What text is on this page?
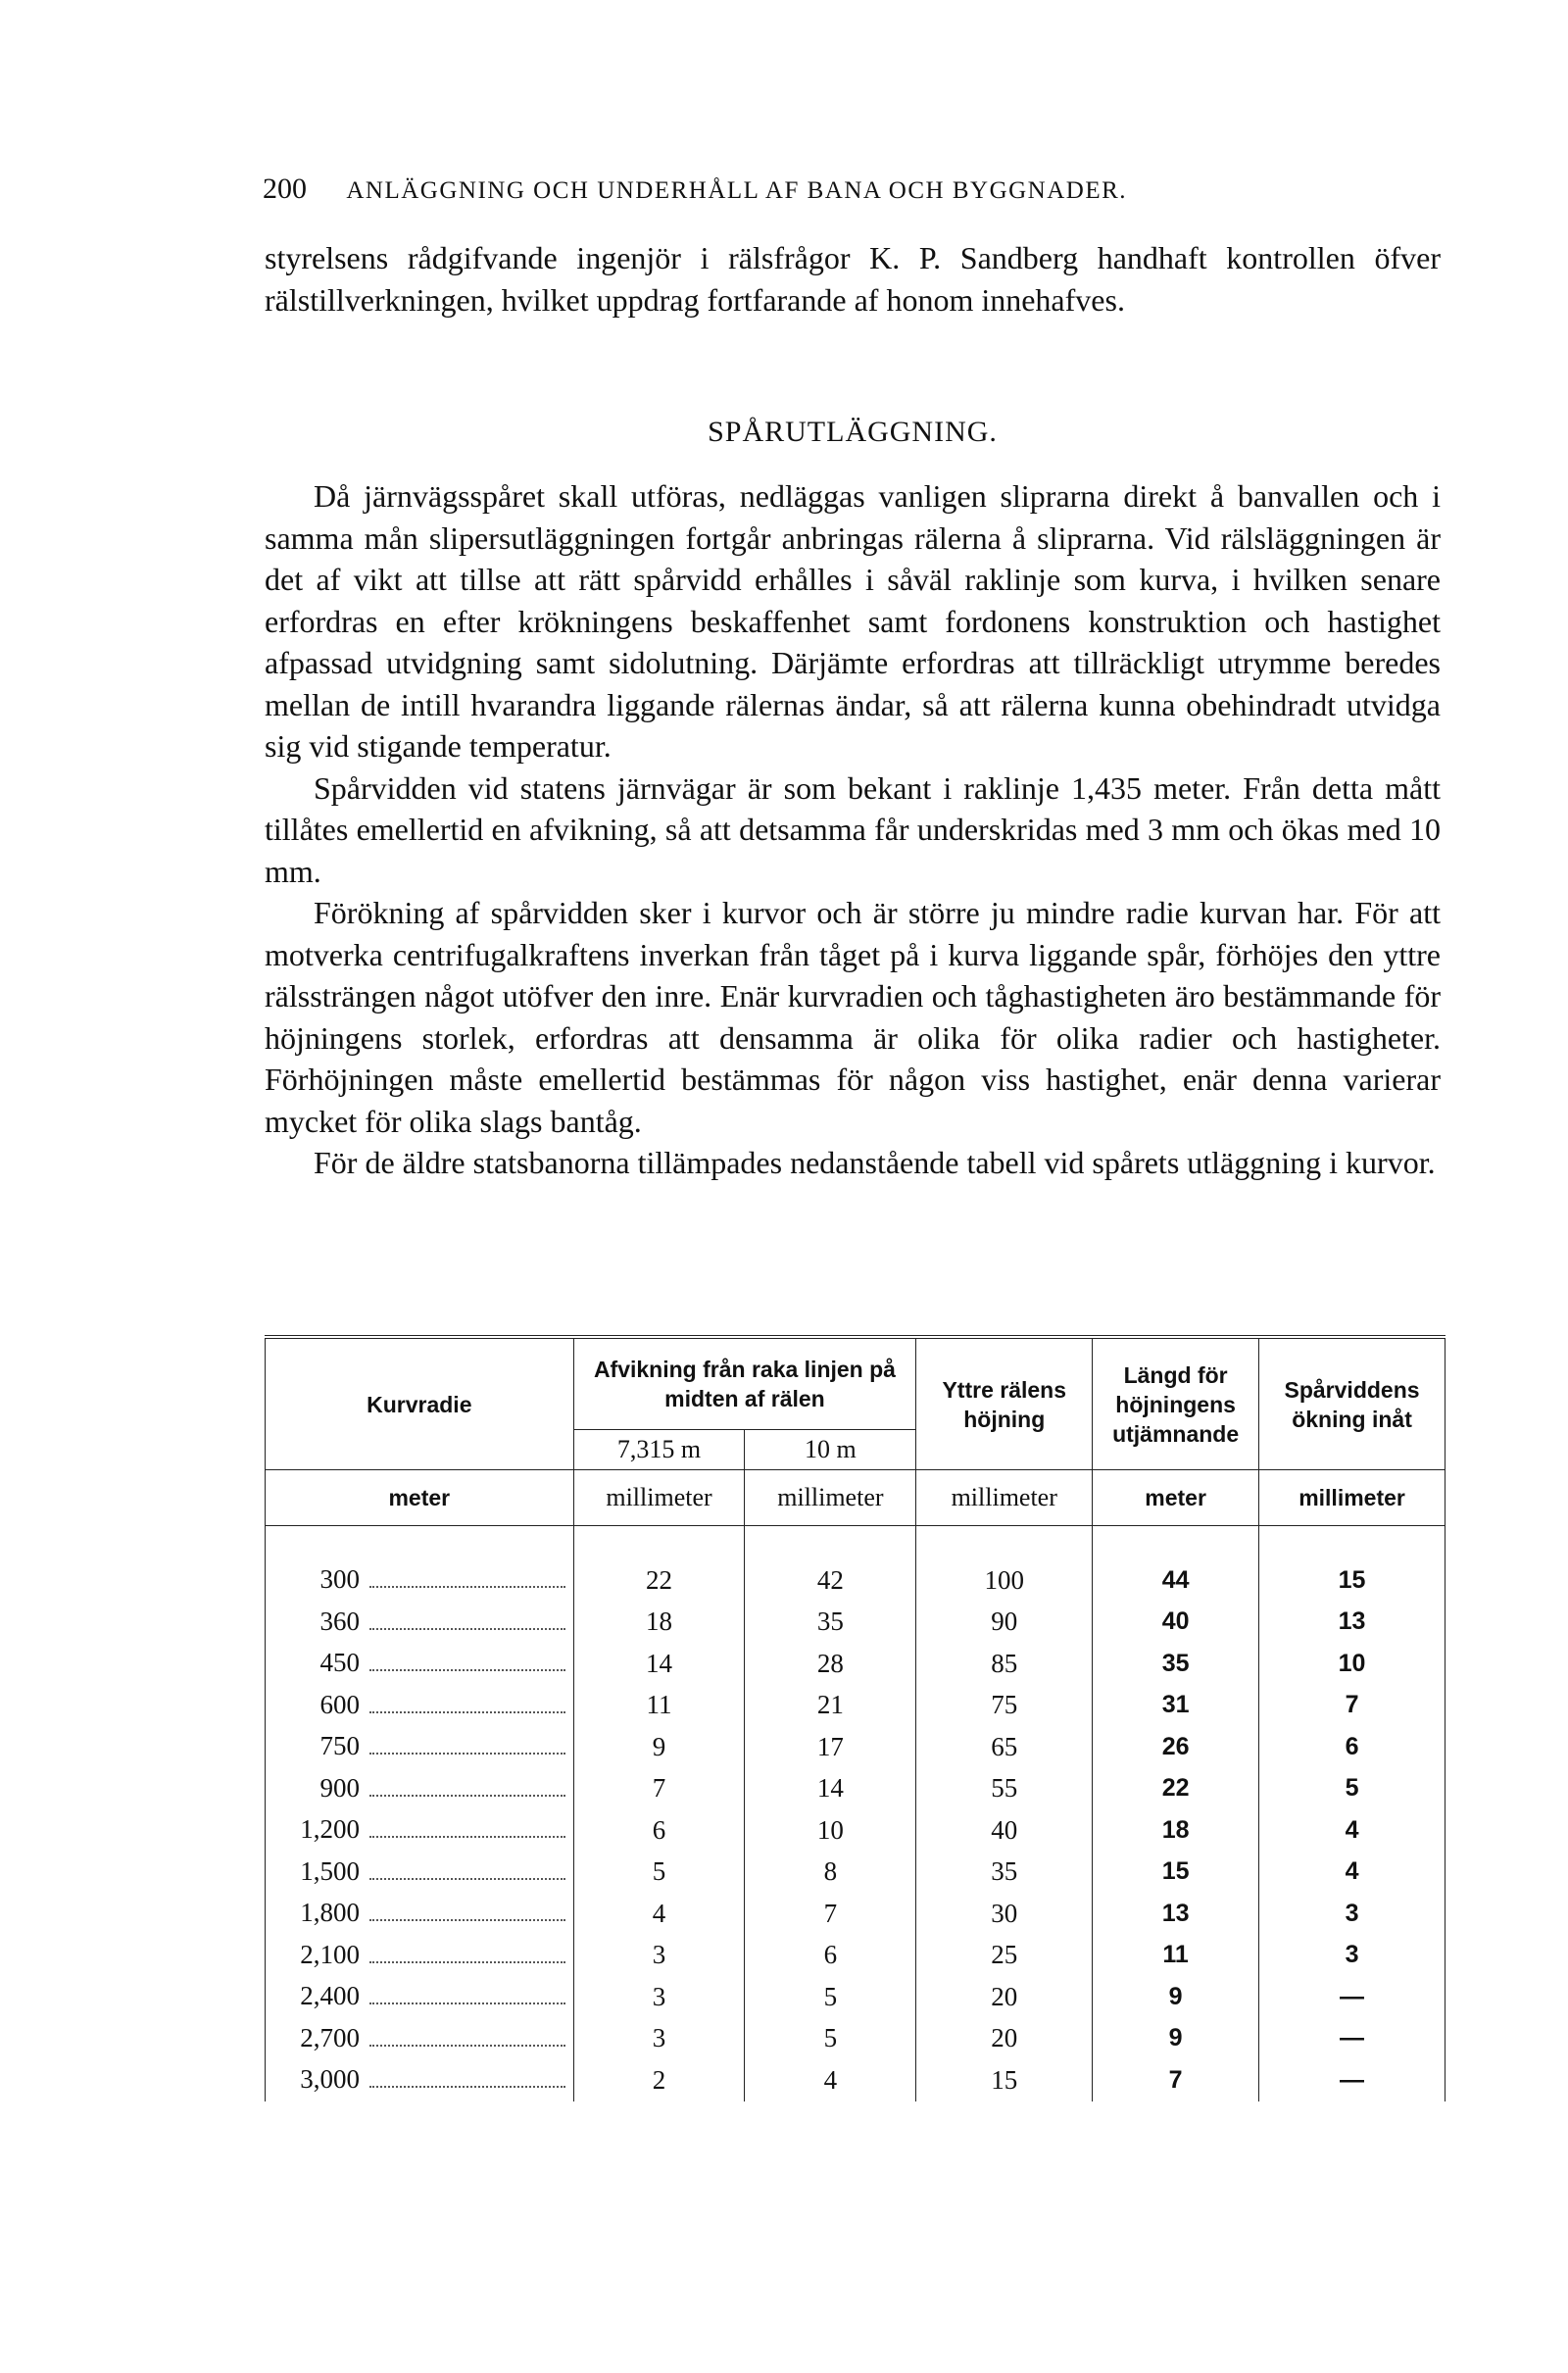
200 ANLÄGGNING OCH UNDERHÅLL AF BANA OCH BYGGNADER.

styrelsens rådgifvande ingenjör i rälsfrågor K. P. Sandberg handhaft kontrollen öfver rälstillverkningen, hvilket uppdrag fortfarande af honom innehafves.

SPÅRUTLÄGGNING.

Då järnvägsspåret skall utföras, nedläggas vanligen sliprarna direkt å banvallen och i samma mån slipersutläggningen fortgår anbringas rälerna å sliprarna. Vid rälsläggningen är det af vikt att tillse att rätt spårvidd erhålles i såväl raklinje som kurva, i hvilken senare erfordras en efter krökningens beskaffenhet samt fordonens konstruktion och hastighet afpassad utvidgning samt sidolutning. Därjämte erfordras att tillräckligt utrymme beredes mellan de intill hvarandra liggande rälernas ändar, så att rälerna kunna obehindradt utvidga sig vid stigande temperatur.

Spårvidden vid statens järnvägar är som bekant i raklinje 1,435 meter. Från detta mått tillåtes emellertid en afvikning, så att detsamma får underskridas med 3 mm och ökas med 10 mm.

Förökning af spårvidden sker i kurvor och är större ju mindre radie kurvan har. För att motverka centrifugalkraftens inverkan från tåget på i kurva liggande spår, förhöjes den yttre rälssträngen något utöfver den inre. Enär kurvradien och tåghastigheten äro bestämmande för höjningens storlek, erfordras att densamma är olika för olika radier och hastigheter. Förhöjningen måste emellertid bestämmas för någon viss hastighet, enär denna varierar mycket för olika slags bantåg.

För de äldre statsbanorna tillämpades nedanstående tabell vid spårets utläggning i kurvor.

Kurvradie	Afvikning från raka linjen på midten af rälen		Yttre rälens höjning	Längd för höjningens utjämnande	Spårviddens ökning inåt
	7,315 m	10 m			
meter	millimeter	millimeter	millimeter	meter	millimeter

300	22	42	100	44	15

360	18	35	90	40	13

450	14	28	85	35	10

600	11	21	75	31	7

750	9	17	65	26	6

900	7	14	55	22	5

1,200	6	10	40	18	4

1,500	5	8	35	15	4

1,800	4	7	30	13	3

2,100	3	6	25	11	3

2,400	3	5	20	9	—

2,700	3	5	20	9	—

3,000	2	4	15	7	—
